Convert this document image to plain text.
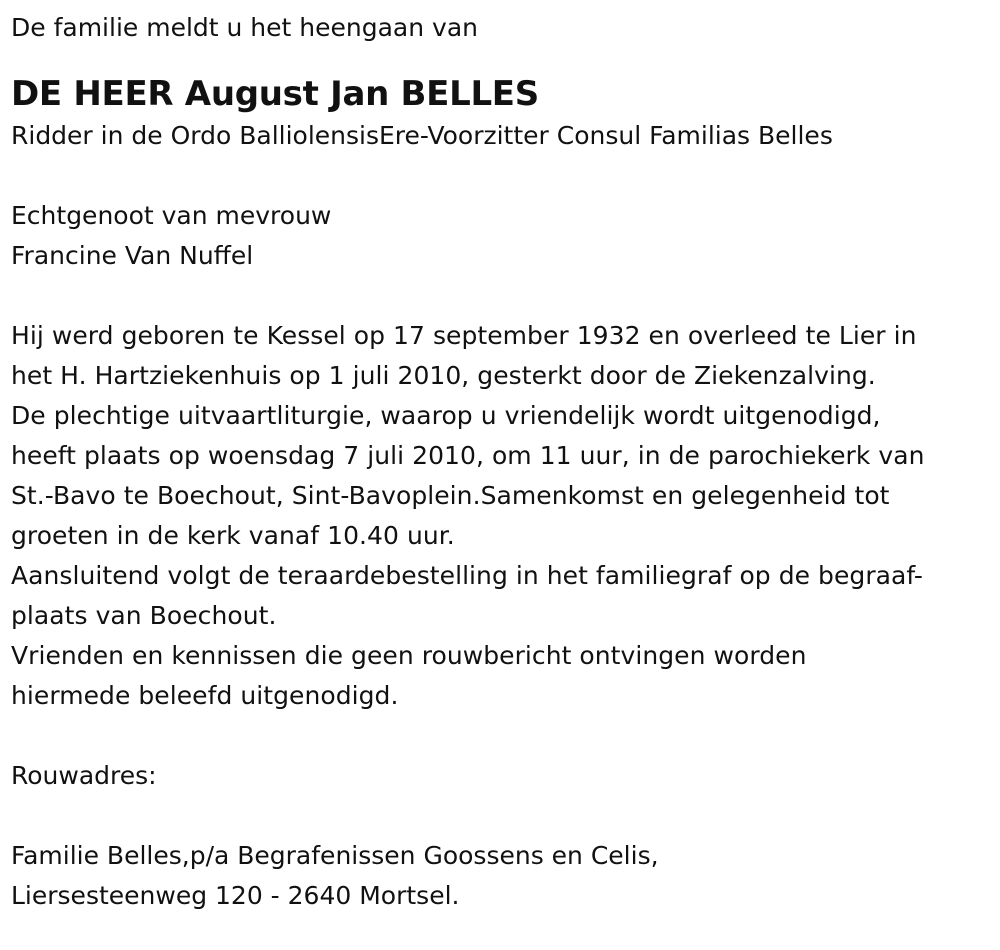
De familie meldt u het heengaan van

DE HEER August Jan BELLES

Ridder in de Ordo BalliolensisEre-Voorzitter Consul Familias Belles

Echtgenoot van mevrouw

Francine Van Nuffel

Hij werd geboren te Kessel op 17 september 1932 en overleed te Lier in

het H. Hartziekenhuis op 1 juli 2010, gesterkt door de Ziekenzalving.

De plechtige uitvaartliturgie, waarop u vriendelijk wordt uitgenodigd,

heeft plaats op woensdag 7 juli 2010, om 11 uur, in de parochiekerk van

St.-Bavo te Boechout, Sint-Bavoplein.Samenkomst en gelegenheid tot

groeten in de kerk vanaf 10.40 uur.

Aansluitend volgt de teraardebestelling in het familiegraf op de begraaf-

plaats van Boechout.

Vrienden en kennissen die geen rouwbericht ontvingen worden

hiermede beleefd uitgenodigd.

Rouwadres:

Familie Belles,p/a Begrafenissen Goossens en Celis,

Liersesteenweg 120 - 2640 Mortsel.
